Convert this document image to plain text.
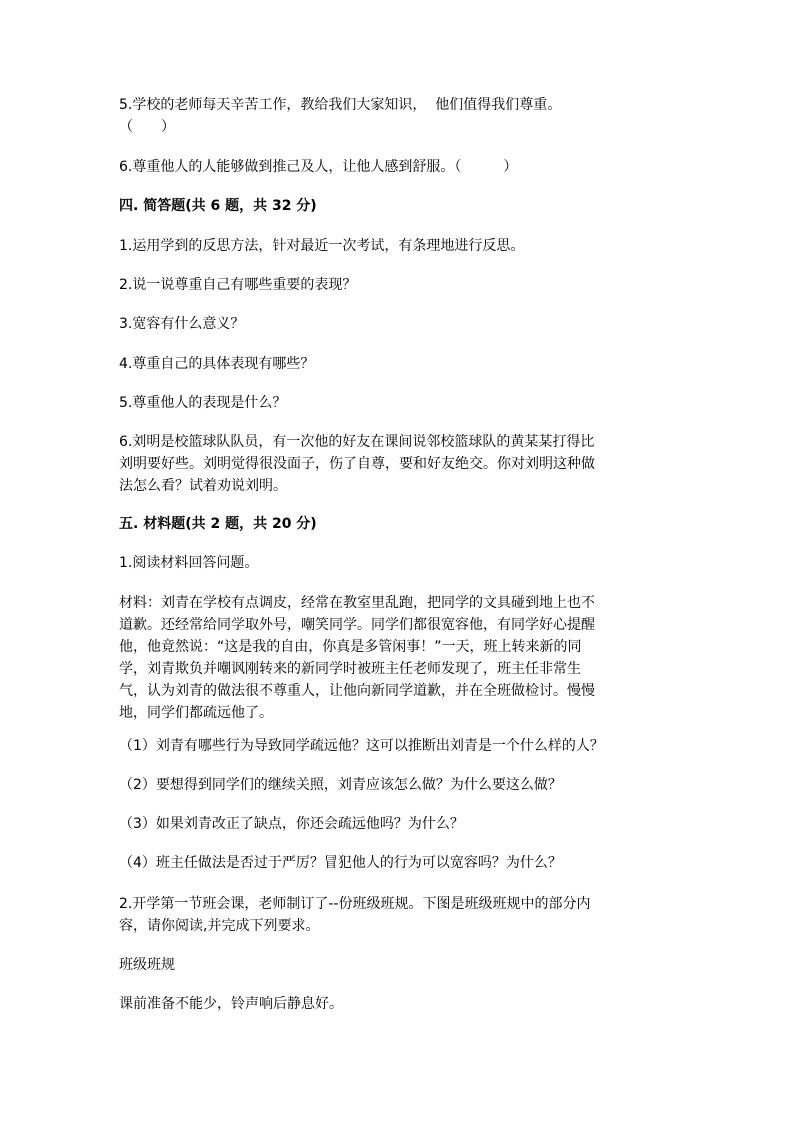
5.学校的老师每天辛苦工作，教给我们大家知识，  他们值得我们尊重。

（　　）

6.尊重他人的人能够做到推己及人，让他人感到舒服。（　　　）

四. 简答题(共 6 题，共 32 分)

1.运用学到的反思方法，针对最近一次考试，有条理地进行反思。

2.说一说尊重自己有哪些重要的表现？

3.宽容有什么意义？

4.尊重自己的具体表现有哪些？

5.尊重他人的表现是什么？

6.刘明是校篮球队队员，有一次他的好友在课间说邻校篮球队的黄某某打得比

刘明要好些。刘明觉得很没面子，伤了自尊，要和好友绝交。你对刘明这种做

法怎么看？试着劝说刘明。

五. 材料题(共 2 题，共 20 分)

1.阅读材料回答问题。

材料：刘青在学校有点调皮，经常在教室里乱跑，把同学的文具碰到地上也不

道歉。还经常给同学取外号，嘲笑同学。同学们都很宽容他，有同学好心提醒

他，他竟然说：“这是我的自由，你真是多管闲事！”一天，班上转来新的同

学，刘青欺负并嘲讽刚转来的新同学时被班主任老师发现了，班主任非常生

气，认为刘青的做法很不尊重人，让他向新同学道歉，并在全班做检讨。慢慢

地，同学们都疏远他了。

（1）刘青有哪些行为导致同学疏远他？这可以推断出刘青是一个什么样的人？

（2）要想得到同学们的继续关照，刘青应该怎么做？为什么要这么做？

（3）如果刘青改正了缺点，你还会疏远他吗？为什么？

（4）班主任做法是否过于严厉？冒犯他人的行为可以宽容吗？为什么？

2.开学第一节班会课，老师制订了--份班级班规。下图是班级班规中的部分内

容，请你阅读,并完成下列要求。

班级班规

课前准备不能少，铃声响后静息好。
